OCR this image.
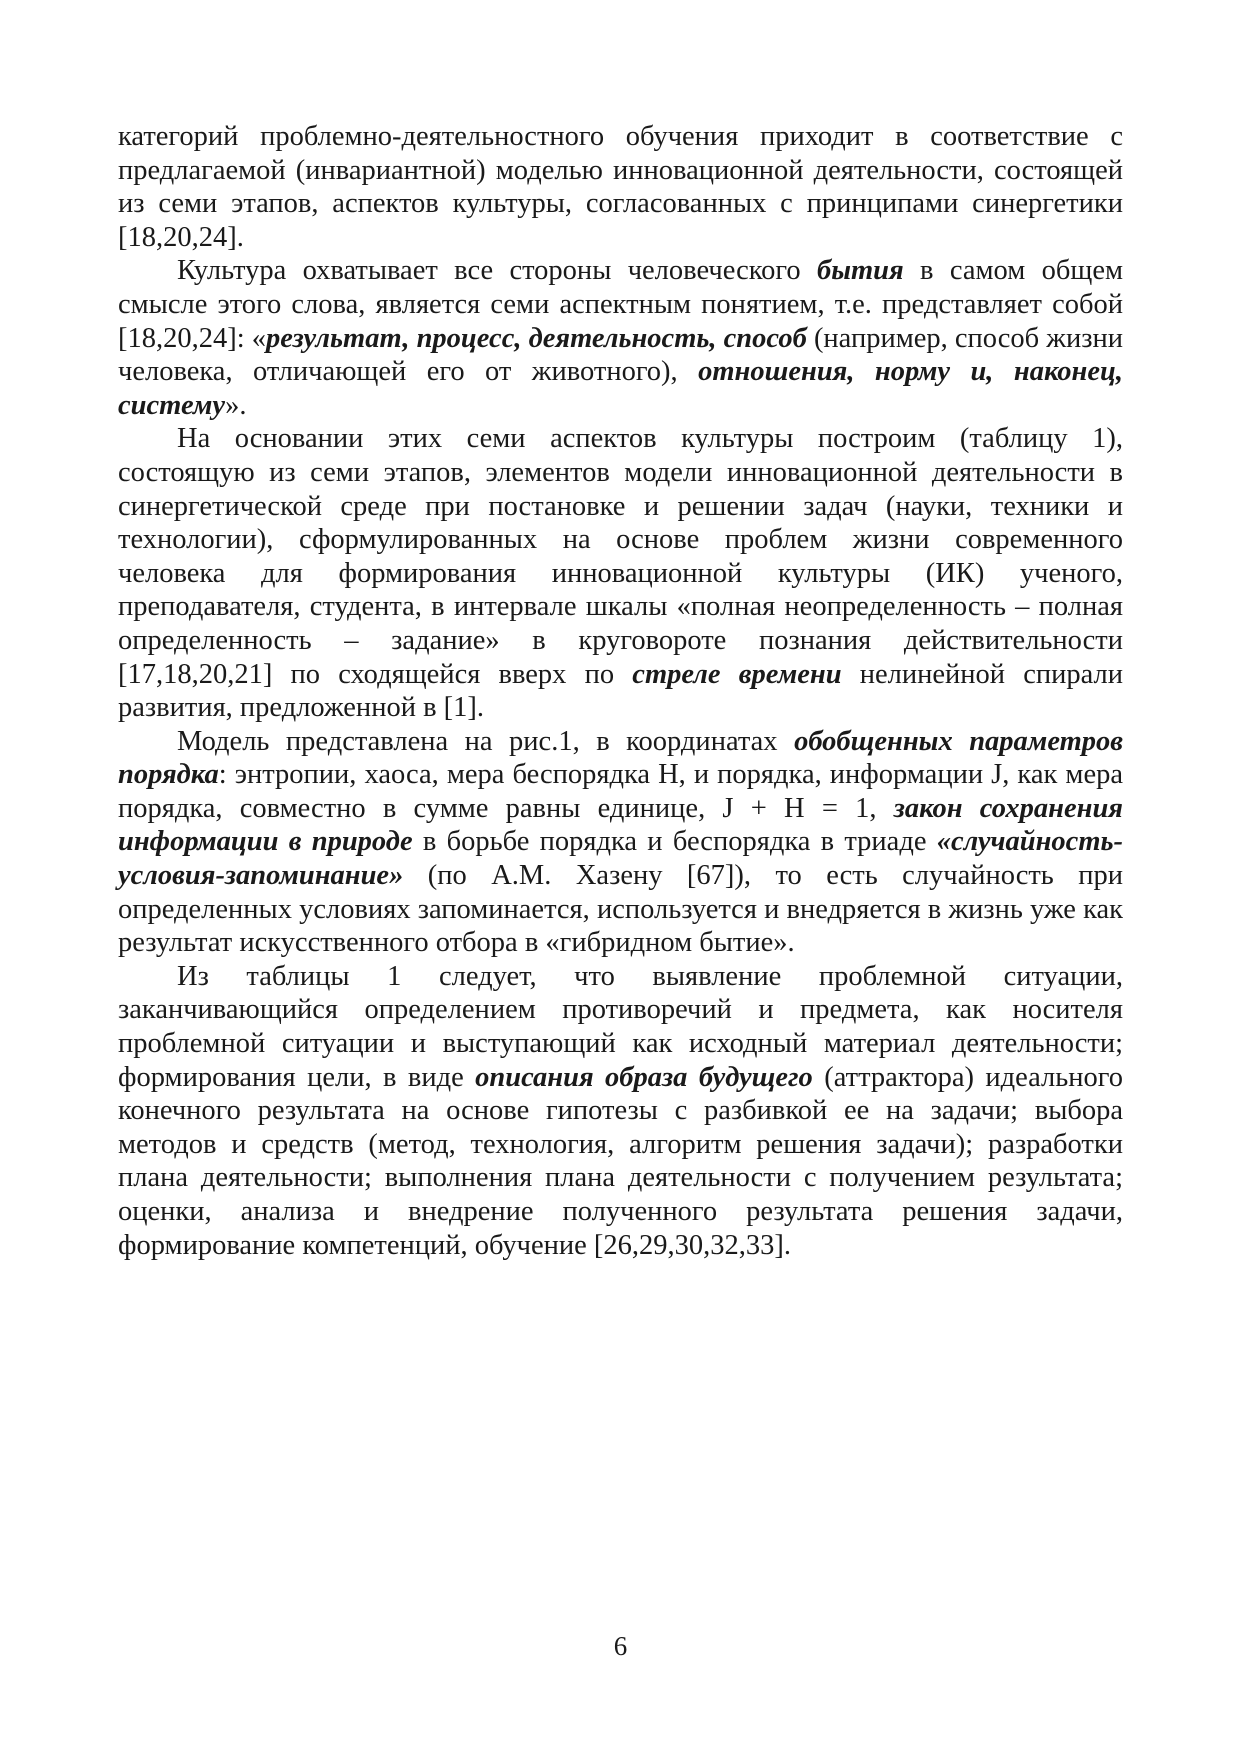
категорий проблемно-деятельностного обучения приходит в соответствие с предлагаемой (инвариантной) моделью инновационной деятельности, состоящей из семи этапов, аспектов культуры, согласованных с принципами синергетики [18,20,24].

Культура охватывает все стороны человеческого бытия в самом общем смысле этого слова, является семи аспектным понятием, т.е. представляет собой [18,20,24]: «результат, процесс, деятельность, способ (например, способ жизни человека, отличающей его от животного), отношения, норму и, наконец, систему».

На основании этих семи аспектов культуры построим (таблицу 1), состоящую из семи этапов, элементов модели инновационной деятельности в синергетической среде при постановке и решении задач (науки, техники и технологии), сформулированных на основе проблем жизни современного человека для формирования инновационной культуры (ИК) ученого, преподавателя, студента, в интервале шкалы «полная неопределенность – полная определенность – задание» в круговороте познания действительности [17,18,20,21] по сходящейся вверх по стреле времени нелинейной спирали развития, предложенной в [1].

Модель представлена на рис.1, в координатах обобщенных параметров порядка: энтропии, хаоса, мера беспорядка H, и порядка, информации J, как мера порядка, совместно в сумме равны единице, J + H = 1, закон сохранения информации в природе в борьбе порядка и беспорядка в триаде «случайность-условия-запоминание» (по А.М. Хазену [67]), то есть случайность при определенных условиях запоминается, используется и внедряется в жизнь уже как результат искусственного отбора в «гибридном бытие».

Из таблицы 1 следует, что выявление проблемной ситуации, заканчивающийся определением противоречий и предмета, как носителя проблемной ситуации и выступающий как исходный материал деятельности; формирования цели, в виде описания образа будущего (аттрактора) идеального конечного результата на основе гипотезы с разбивкой ее на задачи; выбора методов и средств (метод, технология, алгоритм решения задачи); разработки плана деятельности; выполнения плана деятельности с получением результата; оценки, анализа и внедрение полученного результата решения задачи, формирование компетенций, обучение [26,29,30,32,33].

6
